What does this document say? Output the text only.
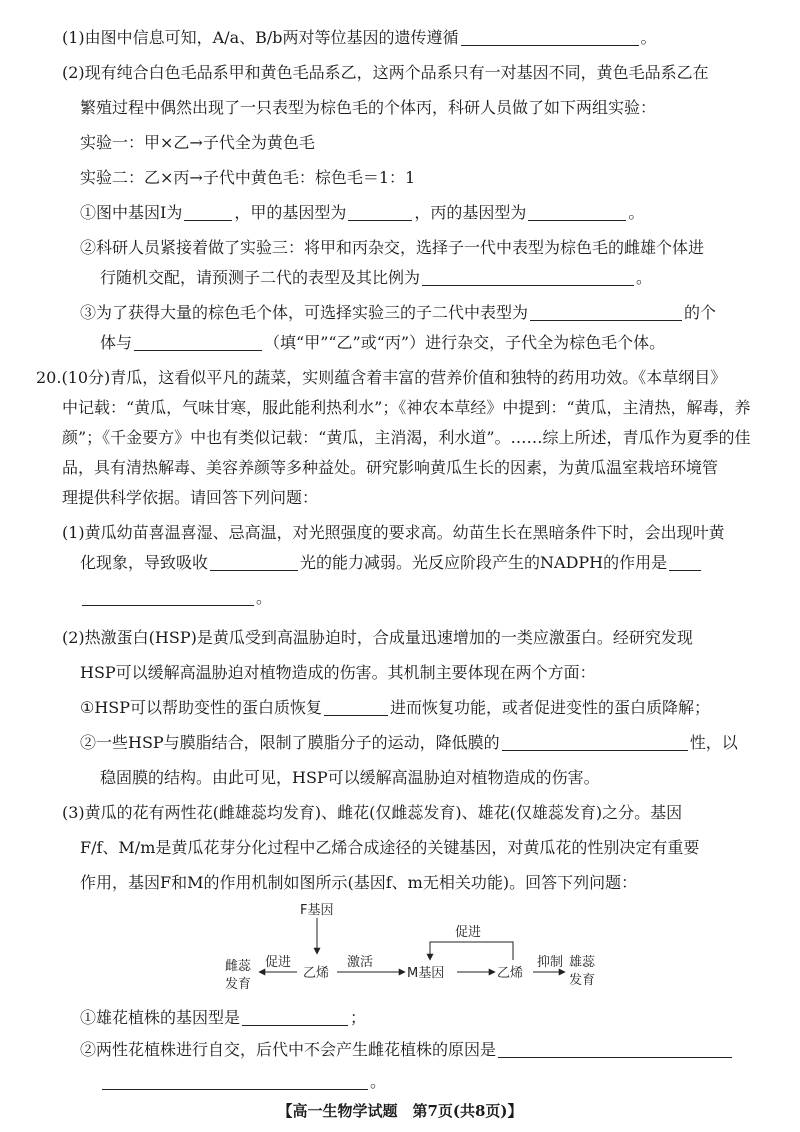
(1)由图中信息可知，A/a、B/b两对等位基因的遗传遵循	。
(2)现有纯合白色毛品系甲和黄色毛品系乙，这两个品系只有一对基因不同，黄色毛品系乙在
繁殖过程中偶然出现了一只表型为棕色毛的个体丙，科研人员做了如下两组实验：
实验一：甲×乙→子代全为黄色毛
实验二：乙×丙→子代中黄色毛：棕色毛＝1：1
①图中基因Ⅰ为	，甲的基因型为	，丙的基因型为	。
②科研人员紧接着做了实验三：将甲和丙杂交，选择子一代中表型为棕色毛的雌雄个体进
行随机交配，请预测子二代的表型及其比例为	。
③为了获得大量的棕色毛个体，可选择实验三的子二代中表型为	的个
体与	（填“甲”“乙”或“丙”）进行杂交，子代全为棕色毛个体。
20.(10分)青瓜，这看似平凡的蔬菜，实则蕴含着丰富的营养价值和独特的药用功效。《本草纲目》
中记载：“黄瓜，气味甘寒，服此能利热利水”；《神农本草经》中提到：“黄瓜，主清热，解毒，养
颜”；《千金要方》中也有类似记载：“黄瓜，主消渴，利水道”。……综上所述，青瓜作为夏季的佳
品，具有清热解毒、美容养颜等多种益处。研究影响黄瓜生长的因素，为黄瓜温室栽培环境管
理提供科学依据。请回答下列问题：
(1)黄瓜幼苗喜温喜湿、忌高温，对光照强度的要求高。幼苗生长在黑暗条件下时，会出现叶黄
化现象，导致吸收	光的能力减弱。光反应阶段产生的NADPH的作用是
。
(2)热激蛋白(HSP)是黄瓜受到高温胁迫时，合成量迅速增加的一类应激蛋白。经研究发现
HSP可以缓解高温胁迫对植物造成的伤害。其机制主要体现在两个方面：
①HSP可以帮助变性的蛋白质恢复	进而恢复功能，或者促进变性的蛋白质降解；
②一些HSP与膜脂结合，限制了膜脂分子的运动，降低膜的	性，以
稳固膜的结构。由此可见，HSP可以缓解高温胁迫对植物造成的伤害。
(3)黄瓜的花有两性花(雌雄蕊均发育)、雌花(仅雌蕊发育)、雄花(仅雄蕊发育)之分。基因
F/f、M/m是黄瓜花芽分化过程中乙烯合成途径的关键基因，对黄瓜花的性别决定有重要
作用，基因F和M的作用机制如图所示(基因f、m无相关功能)。回答下列问题：
F基因
雌蕊
发育
促进
乙烯
激活
M基因	乙烯
促进
抑制 雄蕊
发育
①雄花植株的基因型是	；
②两性花植株进行自交，后代中不会产生雌花植株的原因是
。
【高一生物学试题　第7页(共8页)】
